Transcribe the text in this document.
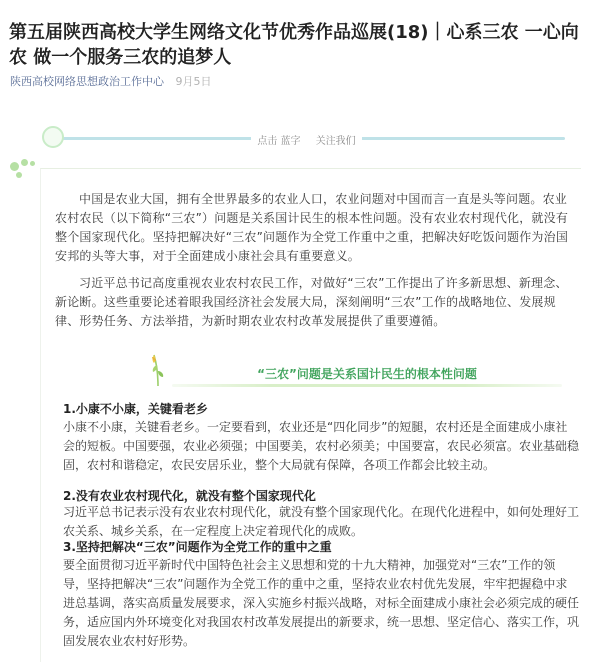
第五届陕西高校大学生网络文化节优秀作品巡展(18)｜心系三农 一心向农 做一个服务三农的追梦人
陕西高校网络思想政治工作中心 9月5日
点击 蓝字 关注我们
中国是农业大国，拥有全世界最多的农业人口，农业问题对中国而言一直是头等问题。农业农村农民（以下简称“三农”）问题是关系国计民生的根本性问题。没有农业农村现代化，就没有整个国家现代化。坚持把解决好“三农”问题作为全党工作重中之重，把解决好吃饭问题作为治国安邦的头等大事，对于全面建成小康社会具有重要意义。
习近平总书记高度重视农业农村农民工作，对做好“三农”工作提出了许多新思想、新理念、新论断。这些重要论述着眼我国经济社会发展大局，深刻阐明“三农”工作的战略地位、发展规律、形势任务、方法举措，为新时期农业农村改革发展提供了重要遵循。
“三农”问题是关系国计民生的根本性问题
1.小康不小康，关键看老乡
小康不小康，关键看老乡。一定要看到，农业还是“四化同步”的短腿，农村还是全面建成小康社会的短板。中国要强，农业必须强；中国要美，农村必须美；中国要富，农民必须富。农业基础稳固，农村和谐稳定，农民安居乐业，整个大局就有保障，各项工作都会比较主动。
2.没有农业农村现代化，就没有整个国家现代化
习近平总书记表示没有农业农村现代化，就没有整个国家现代化。在现代化进程中，如何处理好工农关系、城乡关系，在一定程度上决定着现代化的成败。
3.坚持把解决“三农”问题作为全党工作的重中之重
要全面贯彻习近平新时代中国特色社会主义思想和党的十九大精神，加强党对“三农”工作的领导，坚持把解决“三农”问题作为全党工作的重中之重，坚持农业农村优先发展，牢牢把握稳中求进总基调，落实高质量发展要求，深入实施乡村振兴战略，对标全面建成小康社会必须完成的硬任务，适应国内外环境变化对我国农村改革发展提出的新要求，统一思想、坚定信心、落实工作，巩固发展农业农村好形势。
